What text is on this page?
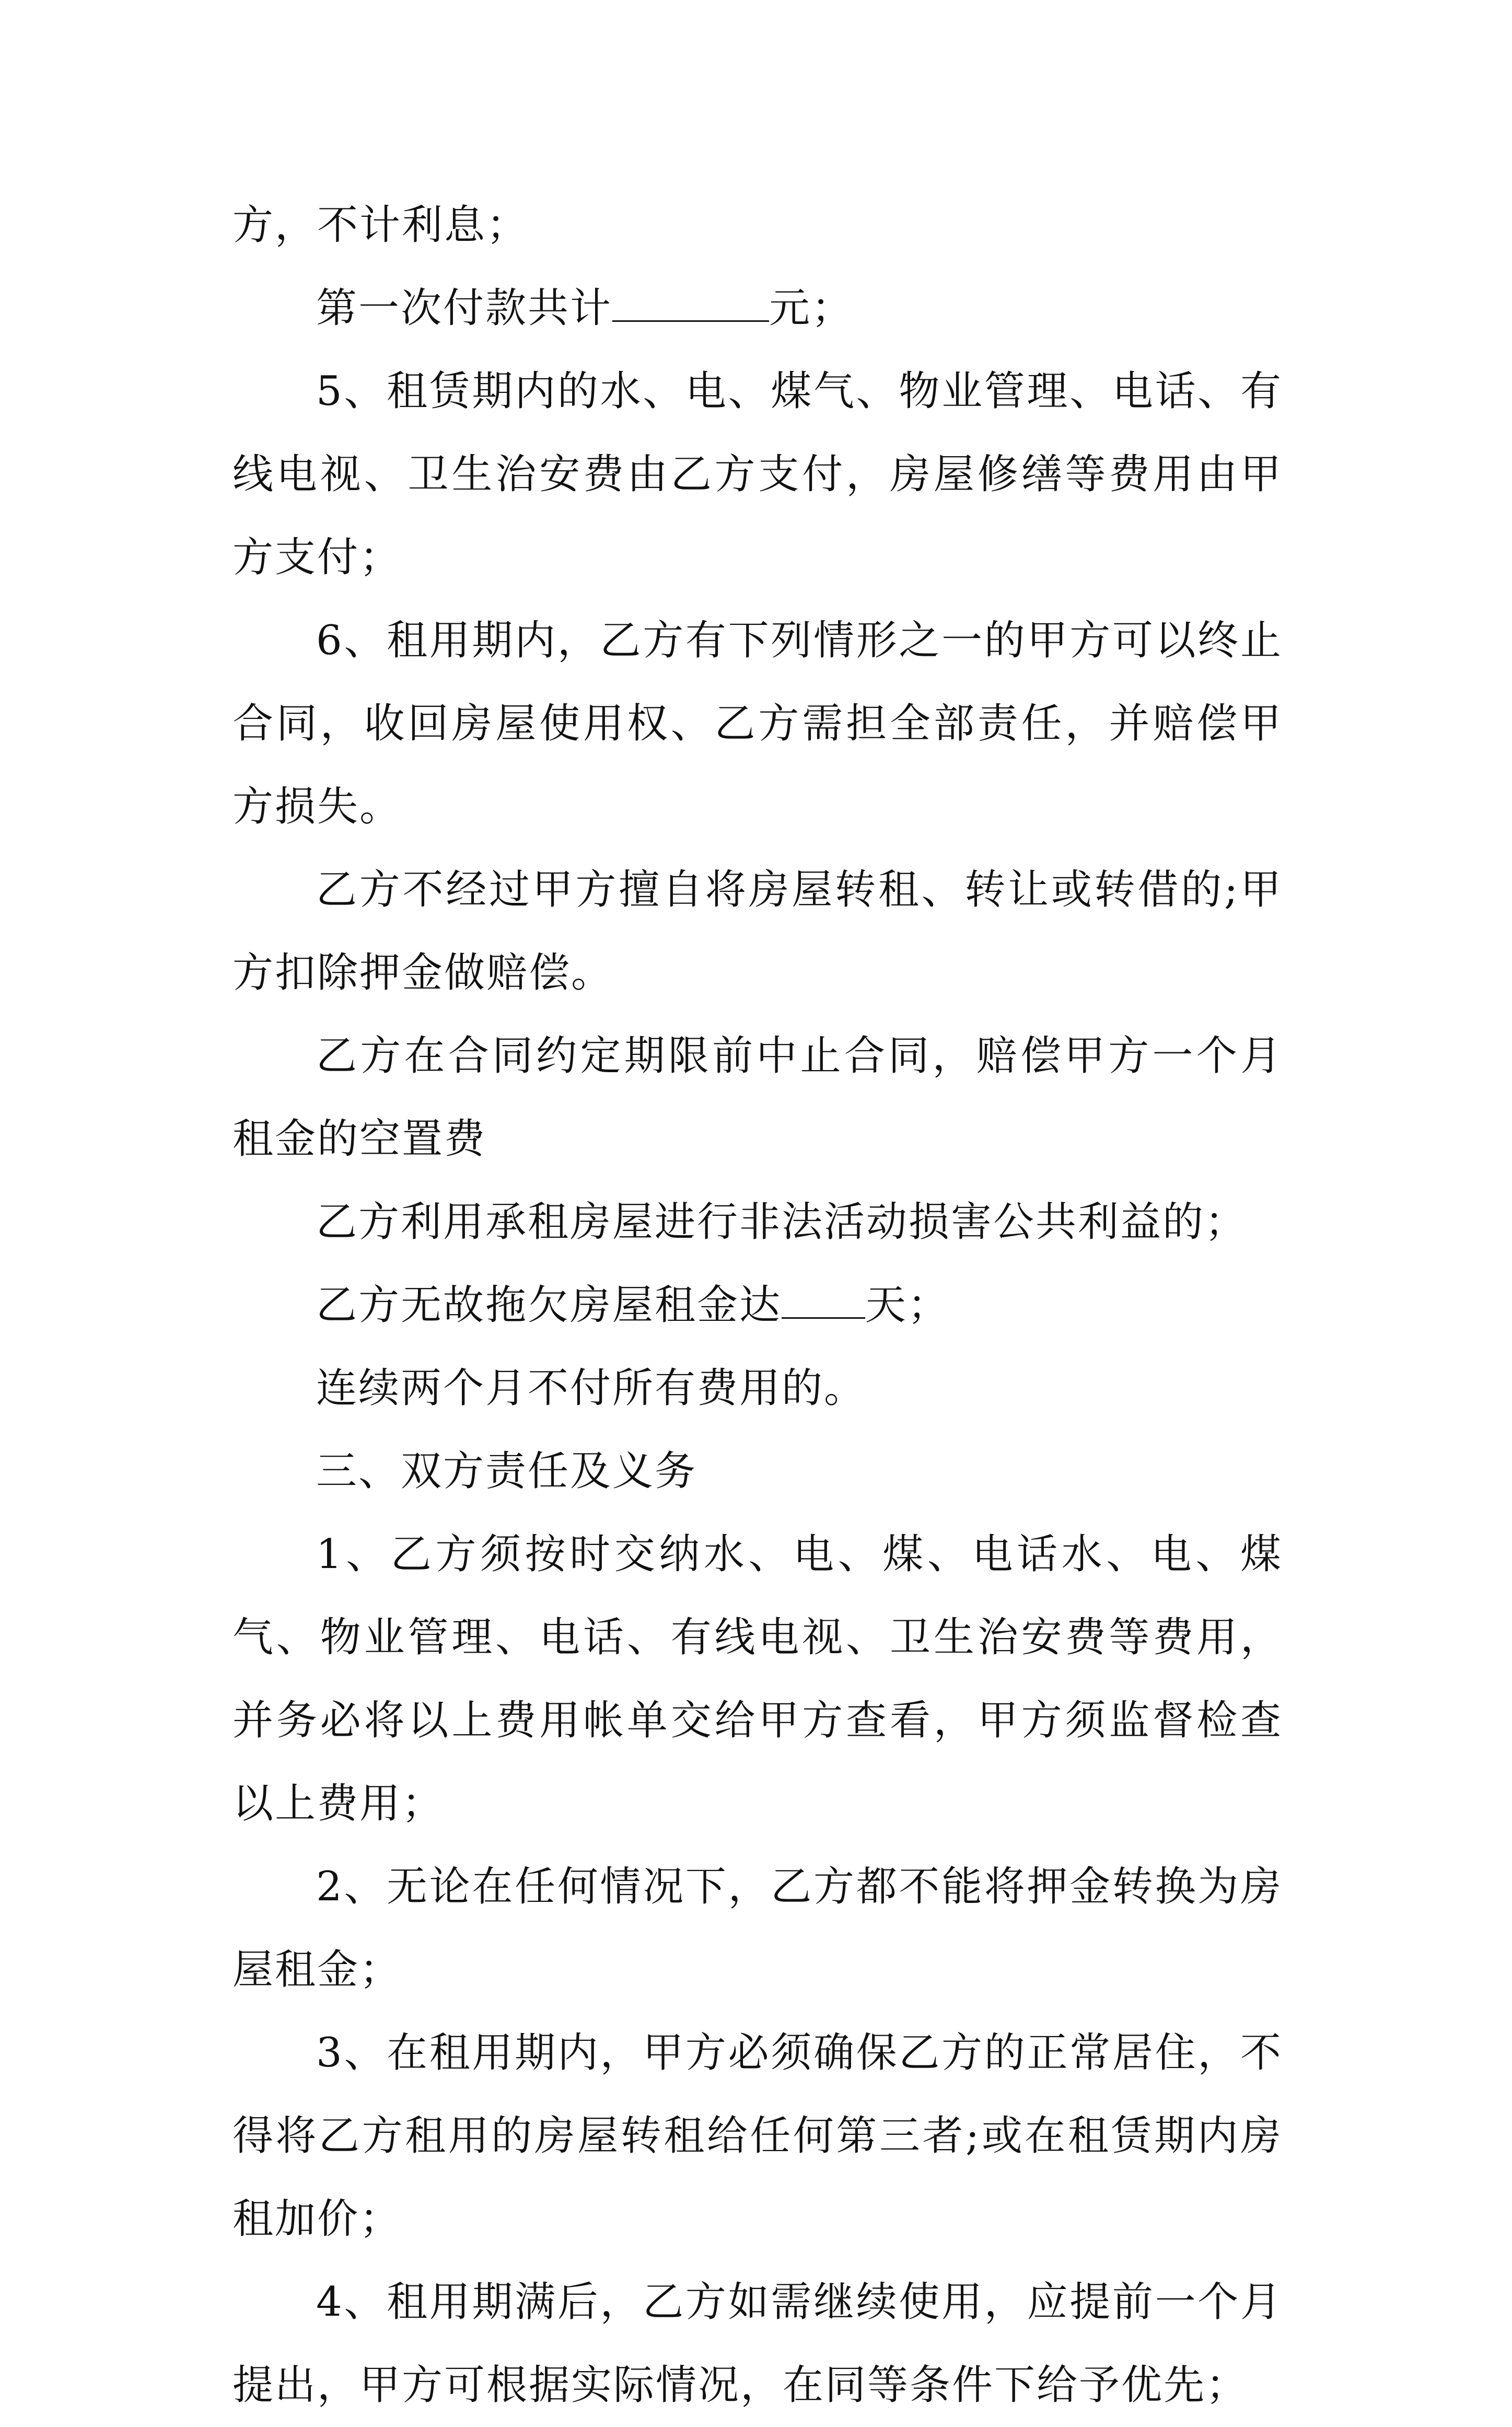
方，不计利息；

第一次付款共计	元；

5、租赁期内的水、电、煤气、物业管理、电话、有线电视、卫生治安费由乙方支付，房屋修缮等费用由甲方支付；

6、租用期内，乙方有下列情形之一的甲方可以终止合同，收回房屋使用权、乙方需担全部责任，并赔偿甲方损失。

乙方不经过甲方擅自将房屋转租、转让或转借的;甲方扣除押金做赔偿。

乙方在合同约定期限前中止合同，赔偿甲方一个月租金的空置费

乙方利用承租房屋进行非法活动损害公共利益的；

乙方无故拖欠房屋租金达 天；

连续两个月不付所有费用的。

三、双方责任及义务

1、乙方须按时交纳水、电、煤、电话水、电、煤气、物业管理、电话、有线电视、卫生治安费等费用，并务必将以上费用帐单交给甲方查看，甲方须监督检查以上费用；

2、无论在任何情况下，乙方都不能将押金转换为房屋租金；

3、在租用期内，甲方必须确保乙方的正常居住，不得将乙方租用的房屋转租给任何第三者;或在租赁期内房租加价；

4、租用期满后，乙方如需继续使用，应提前一个月提出，甲方可根据实际情况，在同等条件下给予优先；
